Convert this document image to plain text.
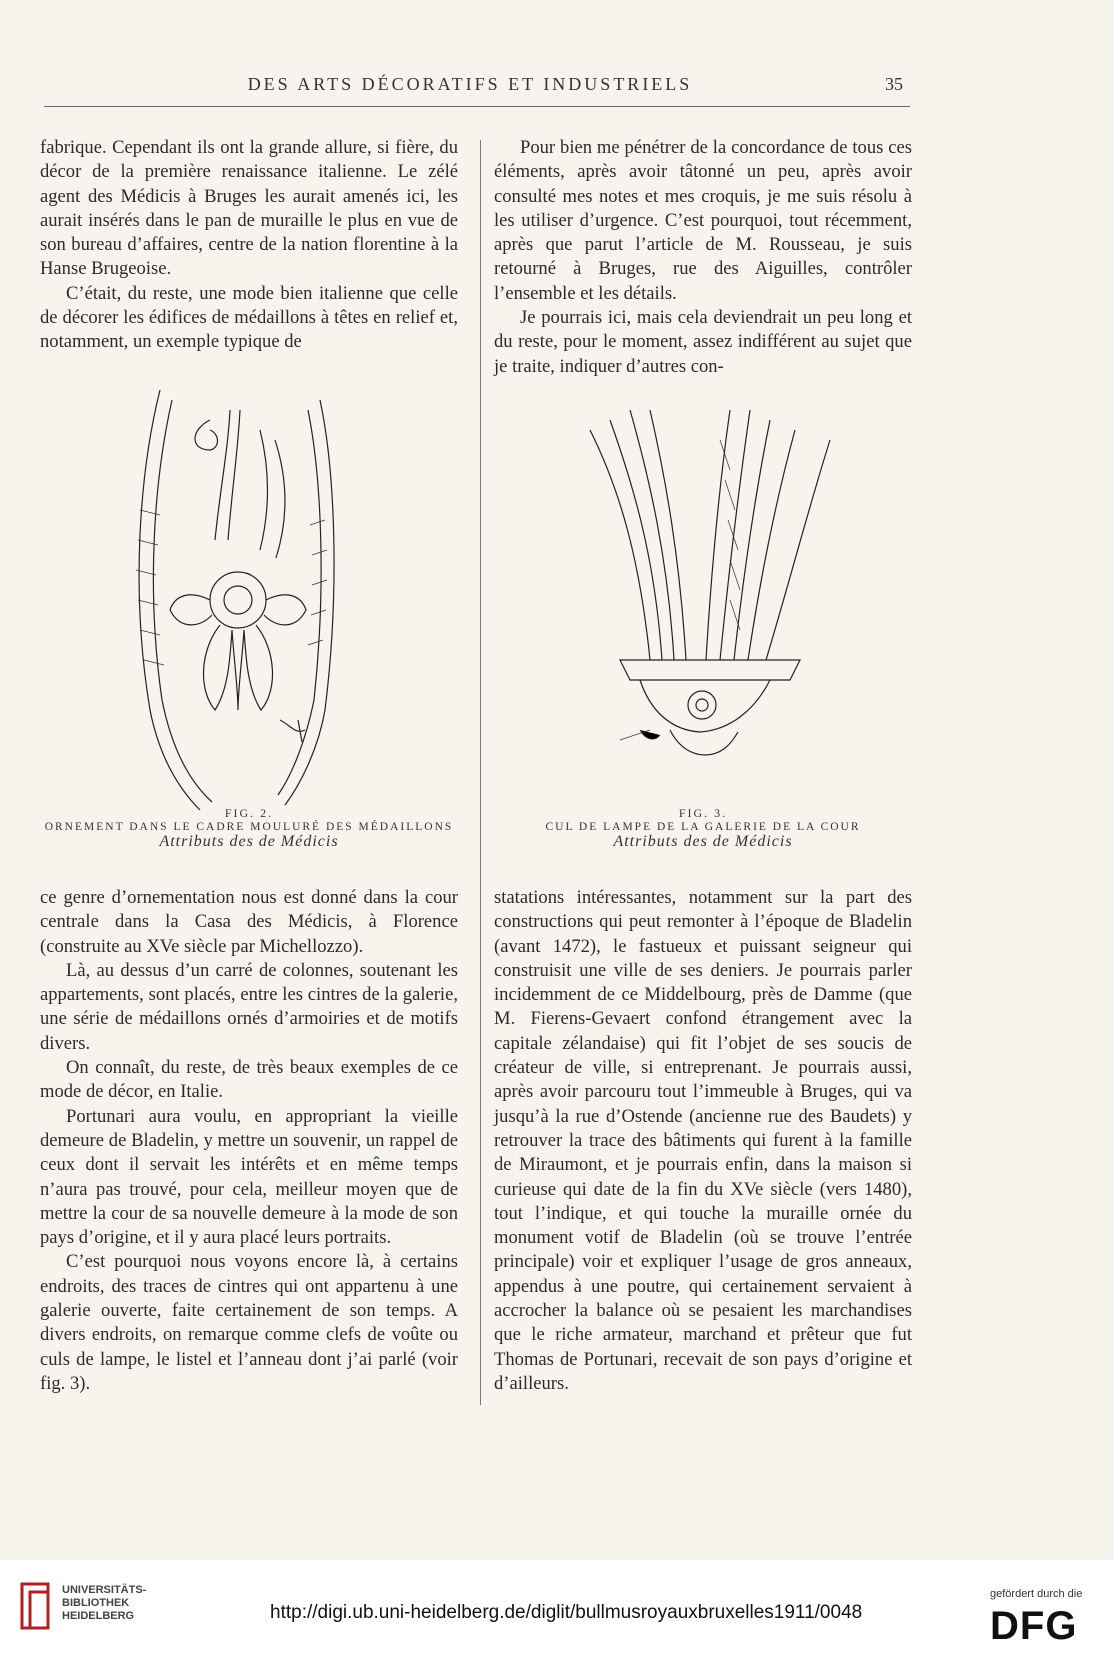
DES ARTS DÉCORATIFS ET INDUSTRIELS	35

fabrique. Cependant ils ont la grande allure, si fière, du décor de la première renaissance italienne. Le zélé agent des Médicis à Bruges les aurait amenés ici, les aurait insérés dans le pan de muraille le plus en vue de son bureau d’affaires, centre de la nation florentine à la Hanse Brugeoise.

C’était, du reste, une mode bien italienne que celle de décorer les édifices de médaillons à têtes en relief et, notamment, un exemple typique de

Pour bien me pénétrer de la concordance de tous ces éléments, après avoir tâtonné un peu, après avoir consulté mes notes et mes croquis, je me suis résolu à les utiliser d’urgence. C’est pourquoi, tout récemment, après que parut l’article de M. Rousseau, je suis retourné à Bruges, rue des Aiguilles, contrôler l’ensemble et les détails.

Je pourrais ici, mais cela deviendrait un peu long et du reste, pour le moment, assez indifférent au sujet que je traite, indiquer d’autres con-

FIG. 2.
ORNEMENT DANS LE CADRE MOULURÉ DES MÉDAILLONS
Attributs des de Médicis
FIG. 3.
CUL DE LAMPE DE LA GALERIE DE LA COUR
Attributs des de Médicis

ce genre d’ornementation nous est donné dans la cour centrale dans la Casa des Médicis, à Florence (construite au XVe siècle par Michellozzo).

Là, au dessus d’un carré de colonnes, soutenant les appartements, sont placés, entre les cintres de la galerie, une série de médaillons ornés d’armoiries et de motifs divers.

On connaît, du reste, de très beaux exemples de ce mode de décor, en Italie.

Portunari aura voulu, en appropriant la vieille demeure de Bladelin, y mettre un souvenir, un rappel de ceux dont il servait les intérêts et en même temps n’aura pas trouvé, pour cela, meilleur moyen que de mettre la cour de sa nouvelle demeure à la mode de son pays d’origine, et il y aura placé leurs portraits.

C’est pourquoi nous voyons encore là, à certains endroits, des traces de cintres qui ont appartenu à une galerie ouverte, faite certainement de son temps. A divers endroits, on remarque comme clefs de voûte ou culs de lampe, le listel et l’anneau dont j’ai parlé (voir fig. 3).

statations intéressantes, notamment sur la part des constructions qui peut remonter à l’époque de Bladelin (avant 1472), le fastueux et puissant seigneur qui construisit une ville de ses deniers. Je pourrais parler incidemment de ce Middelbourg, près de Damme (que M. Fierens-Gevaert confond étrangement avec la capitale zélandaise) qui fit l’objet de ses soucis de créateur de ville, si entreprenant. Je pourrais aussi, après avoir parcouru tout l’immeuble à Bruges, qui va jusqu’à la rue d’Ostende (ancienne rue des Baudets) y retrouver la trace des bâtiments qui furent à la famille de Miraumont, et je pourrais enfin, dans la maison si curieuse qui date de la fin du XVe siècle (vers 1480), tout l’indique, et qui touche la muraille ornée du monument votif de Bladelin (où se trouve l’entrée principale) voir et expliquer l’usage de gros anneaux, appendus à une poutre, qui certainement servaient à accrocher la balance où se pesaient les marchandises que le riche armateur, marchand et prêteur que fut Thomas de Portunari, recevait de son pays d’origine et d’ailleurs.

UNIVERSITÄTS-
BIBLIOTHEK
HEIDELBERG	http://digi.ub.uni-heidelberg.de/diglit/bullmusroyauxbruxelles1911/0048
gefördert durch die
DFG
